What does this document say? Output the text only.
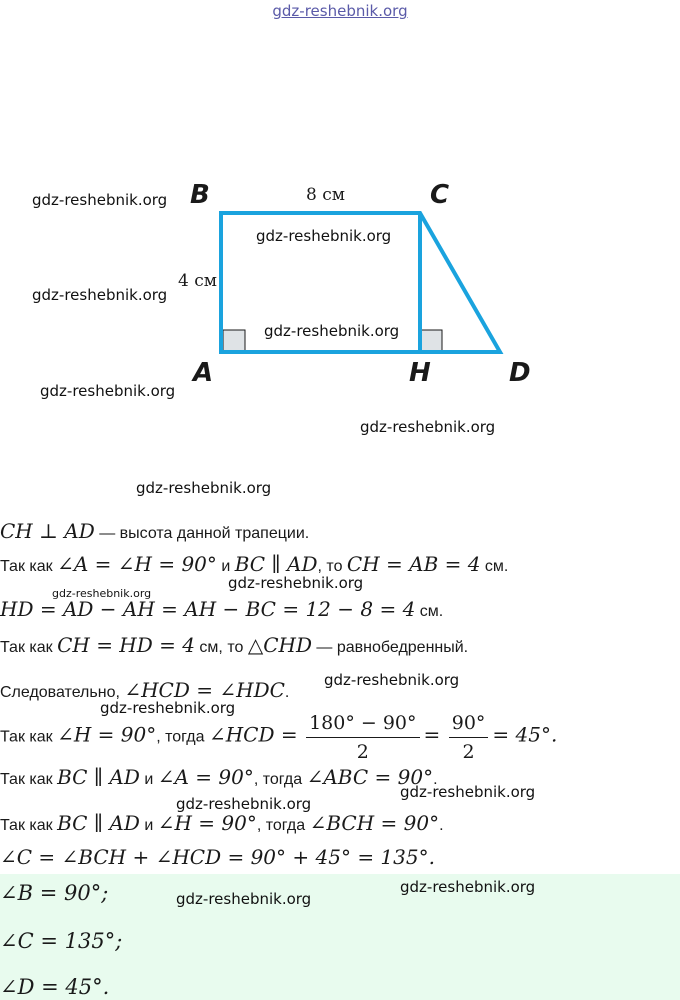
gdz-reshebnik.org
B	C
A	H	D
8 см
4 см
gdz-reshebnik.org
gdz-reshebnik.org
gdz-reshebnik.org
gdz-reshebnik.org
gdz-reshebnik.org
gdz-reshebnik.org
gdz-reshebnik.org
gdz-reshebnik.org
gdz-reshebnik.org
gdz-reshebnik.org
gdz-reshebnik.org
gdz-reshebnik.org
gdz-reshebnik.org
CH ⊥ AD — высота данной трапеции.
Так как ∠A = ∠H = 90° и BC ∥ AD, то CH = AB = 4 см.
HD = AD − AH = AH − BC = 12 − 8 = 4 см.
Так как CH = HD = 4 см, то △CHD — равнобедренный.
Следовательно, ∠HCD = ∠HDC.
Так как ∠H = 90°, тогда ∠HCD = $\frac{180^\circ - 90^\circ}{2} = \frac{90^\circ}{2} = 45^\circ$.
Так как BC ∥ AD и ∠A = 90°, тогда ∠ABC = 90°.
Так как BC ∥ AD и ∠H = 90°, тогда ∠BCH = 90°.
∠C = ∠BCH + ∠HCD = 90° + 45° = 135°.
∠B = 90°;
∠C = 135°;
∠D = 45°.
gdz-reshebnik.org
gdz-reshebnik.org
